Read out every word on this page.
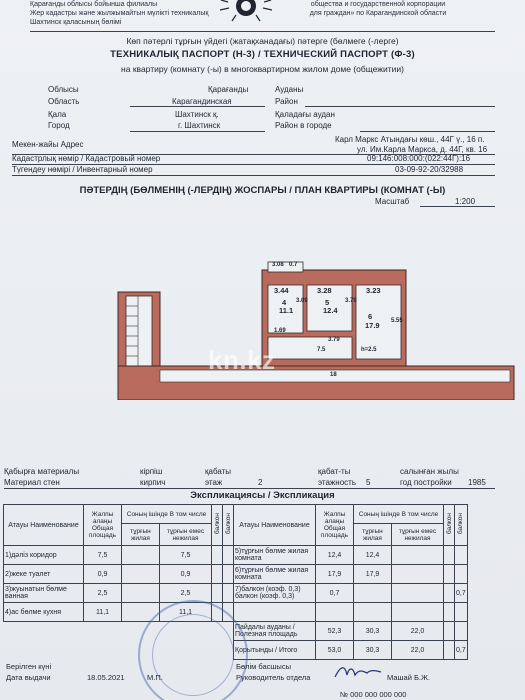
Қарағанды облысы бойынша филиалы
Жер кадастры және жылжымайтын мүлікті техникалық
Шахтинск қаласының бөлімі
общества и государственной корпорации
для граждан» по Карагандинской области
Көп пәтерлі тұрғын үйдегі (жатақханадағы) пәтерге (бөлмеге (-лерге)
ТЕХНИКАЛЫҚ ПАСПОРТ (Н-3) / ТЕХНИЧЕСКИЙ ПАСПОРТ (Ф-3)
на квартиру (комнату (-ы) в многоквартирном жилом доме (общежитии)
Облысы
Область
Қала
Город
Қарағанды
Карагандинская
Шахтинск қ.
г. Шахтинск
Ауданы
Район
Қаладағы аудан
Район в городе
Карл Маркс Атындағы көш., 44Г ү., 16 п.
Мекен-жайы Адрес
ул. Им.Карла Маркса, д. 44Г, кв. 16
Кадастрлық нөмір / Кадастровый номер	09:146:008:000:(022:44Г):16
Түгендеу нөмірі / Инвентарный номер	03-09-92-20/32988
ПӘТЕРДІҢ (БӨЛМЕНІҢ (-ЛЕРДІҢ) ЖОСПАРЫ / ПЛАН КВАРТИРЫ (КОМНАТ (-Ы)
Масштаб	1:200
3.08 0.7
3.44	3.28	3.23
4
11.1
5
12.4
6
17.9
3.09	3.79
5.55
1.69
3.79
7.5	h=2.5
18
kn.kz
Қабырға материалы
Материал стен
кірпіш
кирпич
қабаты
этаж	2
қабат-ты
этажность 5
салынған жылы
год постройки 1985
Экспликациясы / Экспликация
Атауы Наименование	Жалпы алаңы Общая площадь	Соның ішінде В том числе		балкон	балкон	Атауы Наименование	Жалпы алаңы Общая площадь	Соның ішінде В том числе		балкон	балкон
		тұрғын жилая	тұрғын емес нежилая					тұрғын жилая	тұрғын емес нежилая		
1)дәліз коридор	7,5		7,5			5)тұрғын бөлме жилая комната	12,4	12,4			
2)жеке туалет	0,9		0,9			6)тұрғын бөлме жилая комната	17,9	17,9			
3)жуынатын бөлме ванная	2,5		2,5			7)балкон (коэф. 0,3) балкон (коэф. 0,3)	0,7				0,7
4)ас бөлме кухня	11,1		11,1								
						Пайдалы ауданы / Полезная площадь	52,3	30,3	22,0		
						Қорытынды / Итого	53,0	30,3	22,0		0,7
Берілген күні
Дата выдачи	18.05.2021	М.П.
Бөлім басшысы
Руководитель отдела	Машай Б.Ж.
№ 000 000 000 000
